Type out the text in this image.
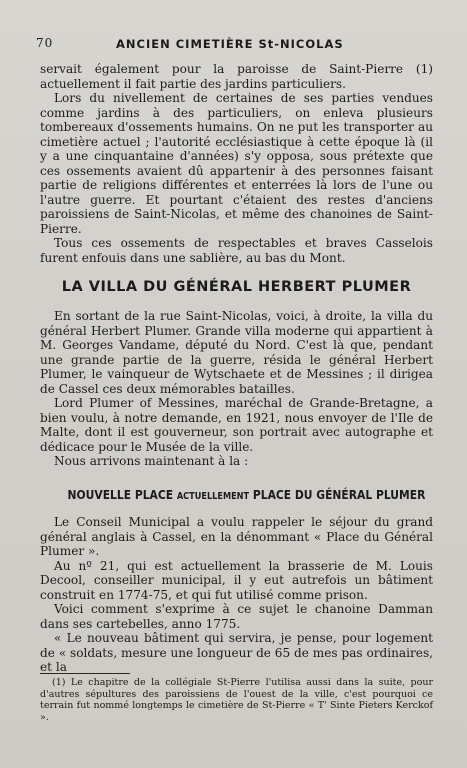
70	ANCIEN CIMETIÈRE St-NICOLAS

servait également pour la paroisse de Saint-Pierre (1) actuellement il fait partie des jardins particuliers.

Lors du nivellement de certaines de ses parties vendues comme jardins à des particuliers, on enleva plusieurs tombereaux d'ossements humains. On ne put les transporter au cimetière actuel ; l'autorité ecclésiastique à cette époque là (il y a une cinquantaine d'années) s'y opposa, sous prétexte que ces ossements avaient dû appartenir à des personnes faisant partie de religions différentes et enterrées là lors de l'une ou l'autre guerre. Et pourtant c'étaient des restes d'anciens paroissiens de Saint-Nicolas, et même des chanoines de Saint-Pierre.

Tous ces ossements de respectables et braves Casselois furent enfouis dans une sablière, au bas du Mont.

LA VILLA DU GÉNÉRAL HERBERT PLUMER

En sortant de la rue Saint-Nicolas, voici, à droite, la villa du général Herbert Plumer. Grande villa moderne qui appartient à M. Georges Vandame, député du Nord. C'est là que, pendant une grande partie de la guerre, résida le général Herbert Plumer, le vainqueur de Wytschaete et de Messines ; il dirigea de Cassel ces deux mémorables batailles.

Lord Plumer of Messines, maréchal de Grande-Bretagne, a bien voulu, à notre demande, en 1921, nous envoyer de l'Ile de Malte, dont il est gouverneur, son portrait avec autographe et dédicace pour le Musée de la ville.

Nous arrivons maintenant à la :

NOUVELLE PLACE ACTUELLEMENT PLACE DU GÉNÉRAL PLUMER

Le Conseil Municipal a voulu rappeler le séjour du grand général anglais à Cassel, en la dénommant « Place du Général Plumer ».

Au nº 21, qui est actuellement la brasserie de M. Louis Decool, conseiller municipal, il y eut autrefois un bâtiment construit en 1774-75, et qui fut utilisé comme prison.

Voici comment s'exprime à ce sujet le chanoine Damman dans ses cartebelles, anno 1775.

« Le nouveau bâtiment qui servira, je pense, pour logement de « soldats, mesure une longueur de 65 de mes pas ordinaires, et la

(1) Le chapitre de la collégiale St-Pierre l'utilisa aussi dans la suite, pour d'autres sépultures des paroissiens de l'ouest de la ville, c'est pourquoi ce terrain fut nommé longtemps le cimetière de St-Pierre « T' Sinte Pieters Kerckof ».
